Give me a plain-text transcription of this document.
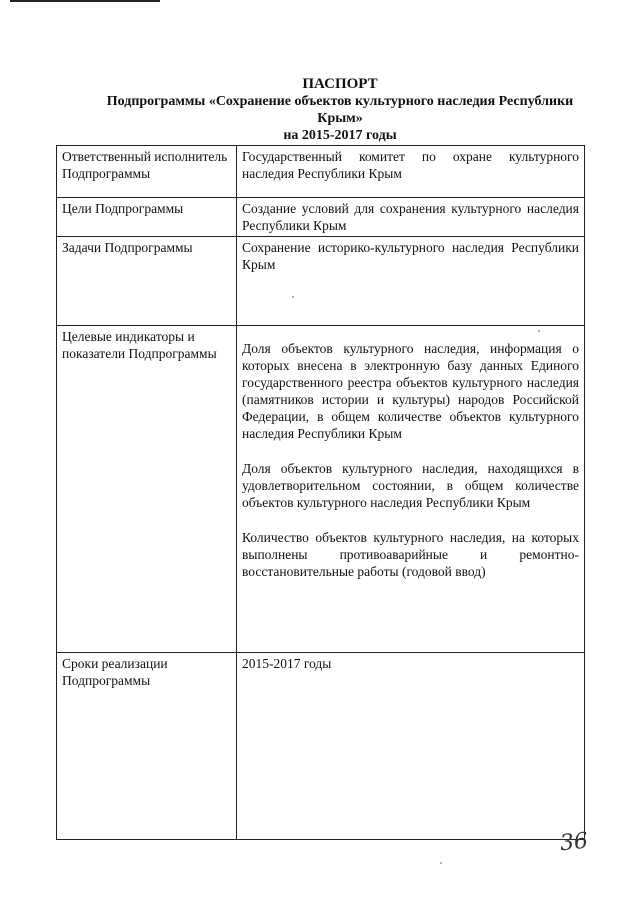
ПАСПОРТ
Подпрограммы «Сохранение объектов культурного наследия Республики
Крым»
на 2015-2017 годы
Ответственный исполнитель Подпрограммы	Государственный комитет по охране культурного наследия Республики Крым
Цели Подпрограммы	Создание условий для сохранения культурного наследия Республики Крым
Задачи Подпрограммы	Сохранение историко-культурного наследия Республики Крым
Целевые индикаторы и показатели Подпрограммы	Доля объектов культурного наследия, информация о которых внесена в электронную базу данных Единого государственного реестра объектов культурного наследия (памятников истории и культуры) народов Российской Федерации, в общем количестве объектов культурного наследия Республики Крым

Доля объектов культурного наследия, находящихся в удовлетворительном состоянии, в общем количестве объектов культурного наследия Республики Крым

Количество объектов культурного наследия, на которых выполнены противоаварийные и ремонтно-восстановительные работы (годовой ввод)

Сроки реализации Подпрограммы	2015-2017 годы
36
